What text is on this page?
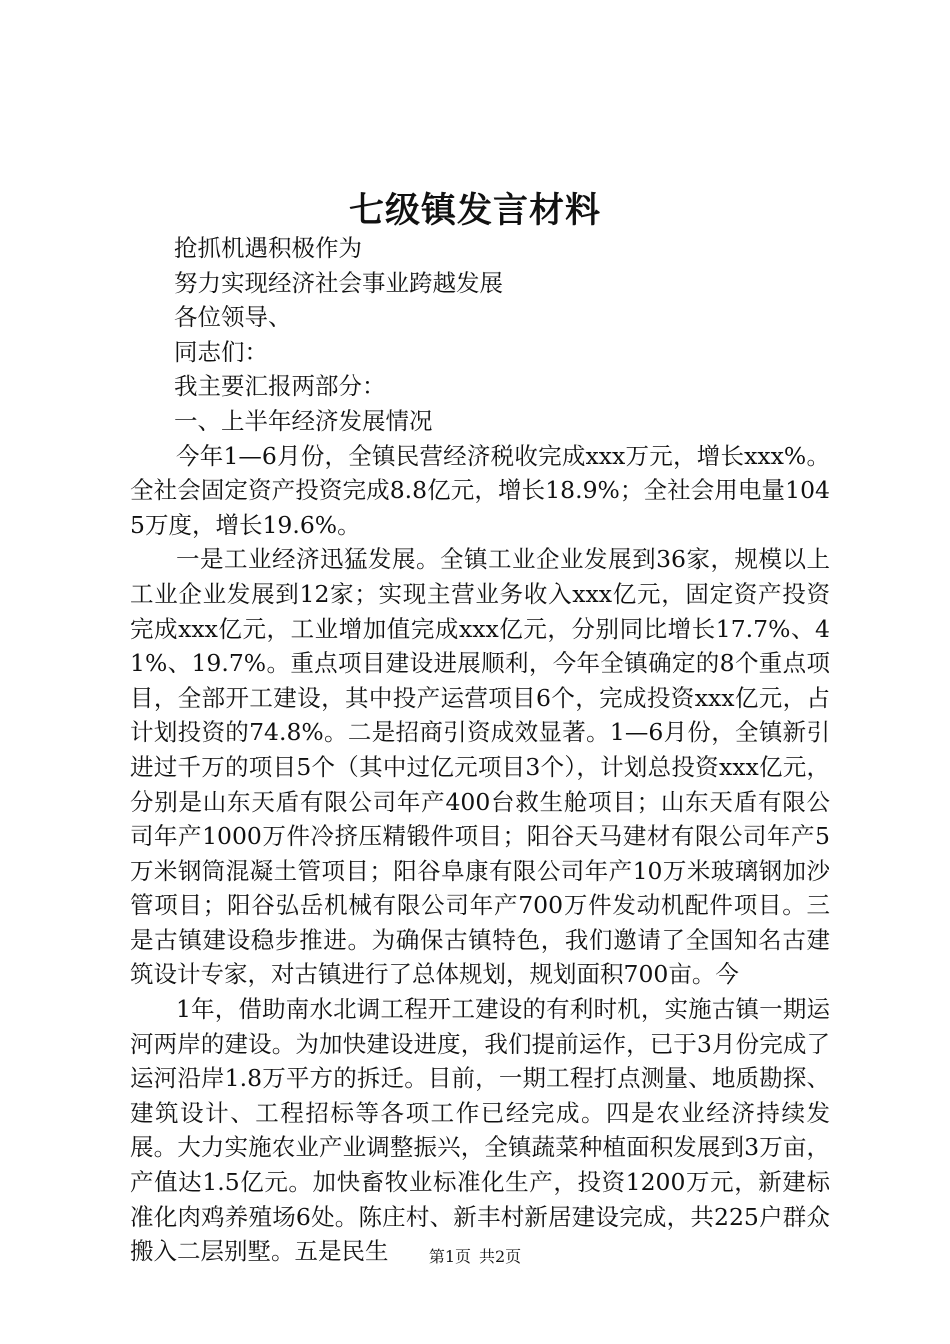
七级镇发言材料

抢抓机遇积极作为

努力实现经济社会事业跨越发展

各位领导、

同志们：

我主要汇报两部分：

一、上半年经济发展情况

今年1—6月份，全镇民营经济税收完成xxx万元，增长xxx%。全社会固定资产投资完成8.8亿元，增长18.9%；全社会用电量1045万度，增长19.6%。

一是工业经济迅猛发展。全镇工业企业发展到36家，规模以上工业企业发展到12家；实现主营业务收入xxx亿元，固定资产投资完成xxx亿元，工业增加值完成xxx亿元，分别同比增长17.7%、41%、19.7%。重点项目建设进展顺利，今年全镇确定的8个重点项目，全部开工建设，其中投产运营项目6个，完成投资xxx亿元，占计划投资的74.8%。二是招商引资成效显著。1—6月份，全镇新引进过千万的项目5个（其中过亿元项目3个），计划总投资xxx亿元，分别是山东天盾有限公司年产400台救生舱项目；山东天盾有限公司年产1000万件冷挤压精锻件项目；阳谷天马建材有限公司年产5万米钢筒混凝土管项目；阳谷阜康有限公司年产10万米玻璃钢加沙管项目；阳谷弘岳机械有限公司年产700万件发动机配件项目。三是古镇建设稳步推进。为确保古镇特色，我们邀请了全国知名古建筑设计专家，对古镇进行了总体规划，规划面积700亩。今

1年，借助南水北调工程开工建设的有利时机，实施古镇一期运河两岸的建设。为加快建设进度，我们提前运作，已于3月份完成了运河沿岸1.8万平方的拆迁。目前，一期工程打点测量、地质勘探、建筑设计、工程招标等各项工作已经完成。四是农业经济持续发展。大力实施农业产业调整振兴，全镇蔬菜种植面积发展到3万亩，产值达1.5亿元。加快畜牧业标准化生产，投资1200万元，新建标准化肉鸡养殖场6处。陈庄村、新丰村新居建设完成，共225户群众搬入二层别墅。五是民生	第1页 共2页
